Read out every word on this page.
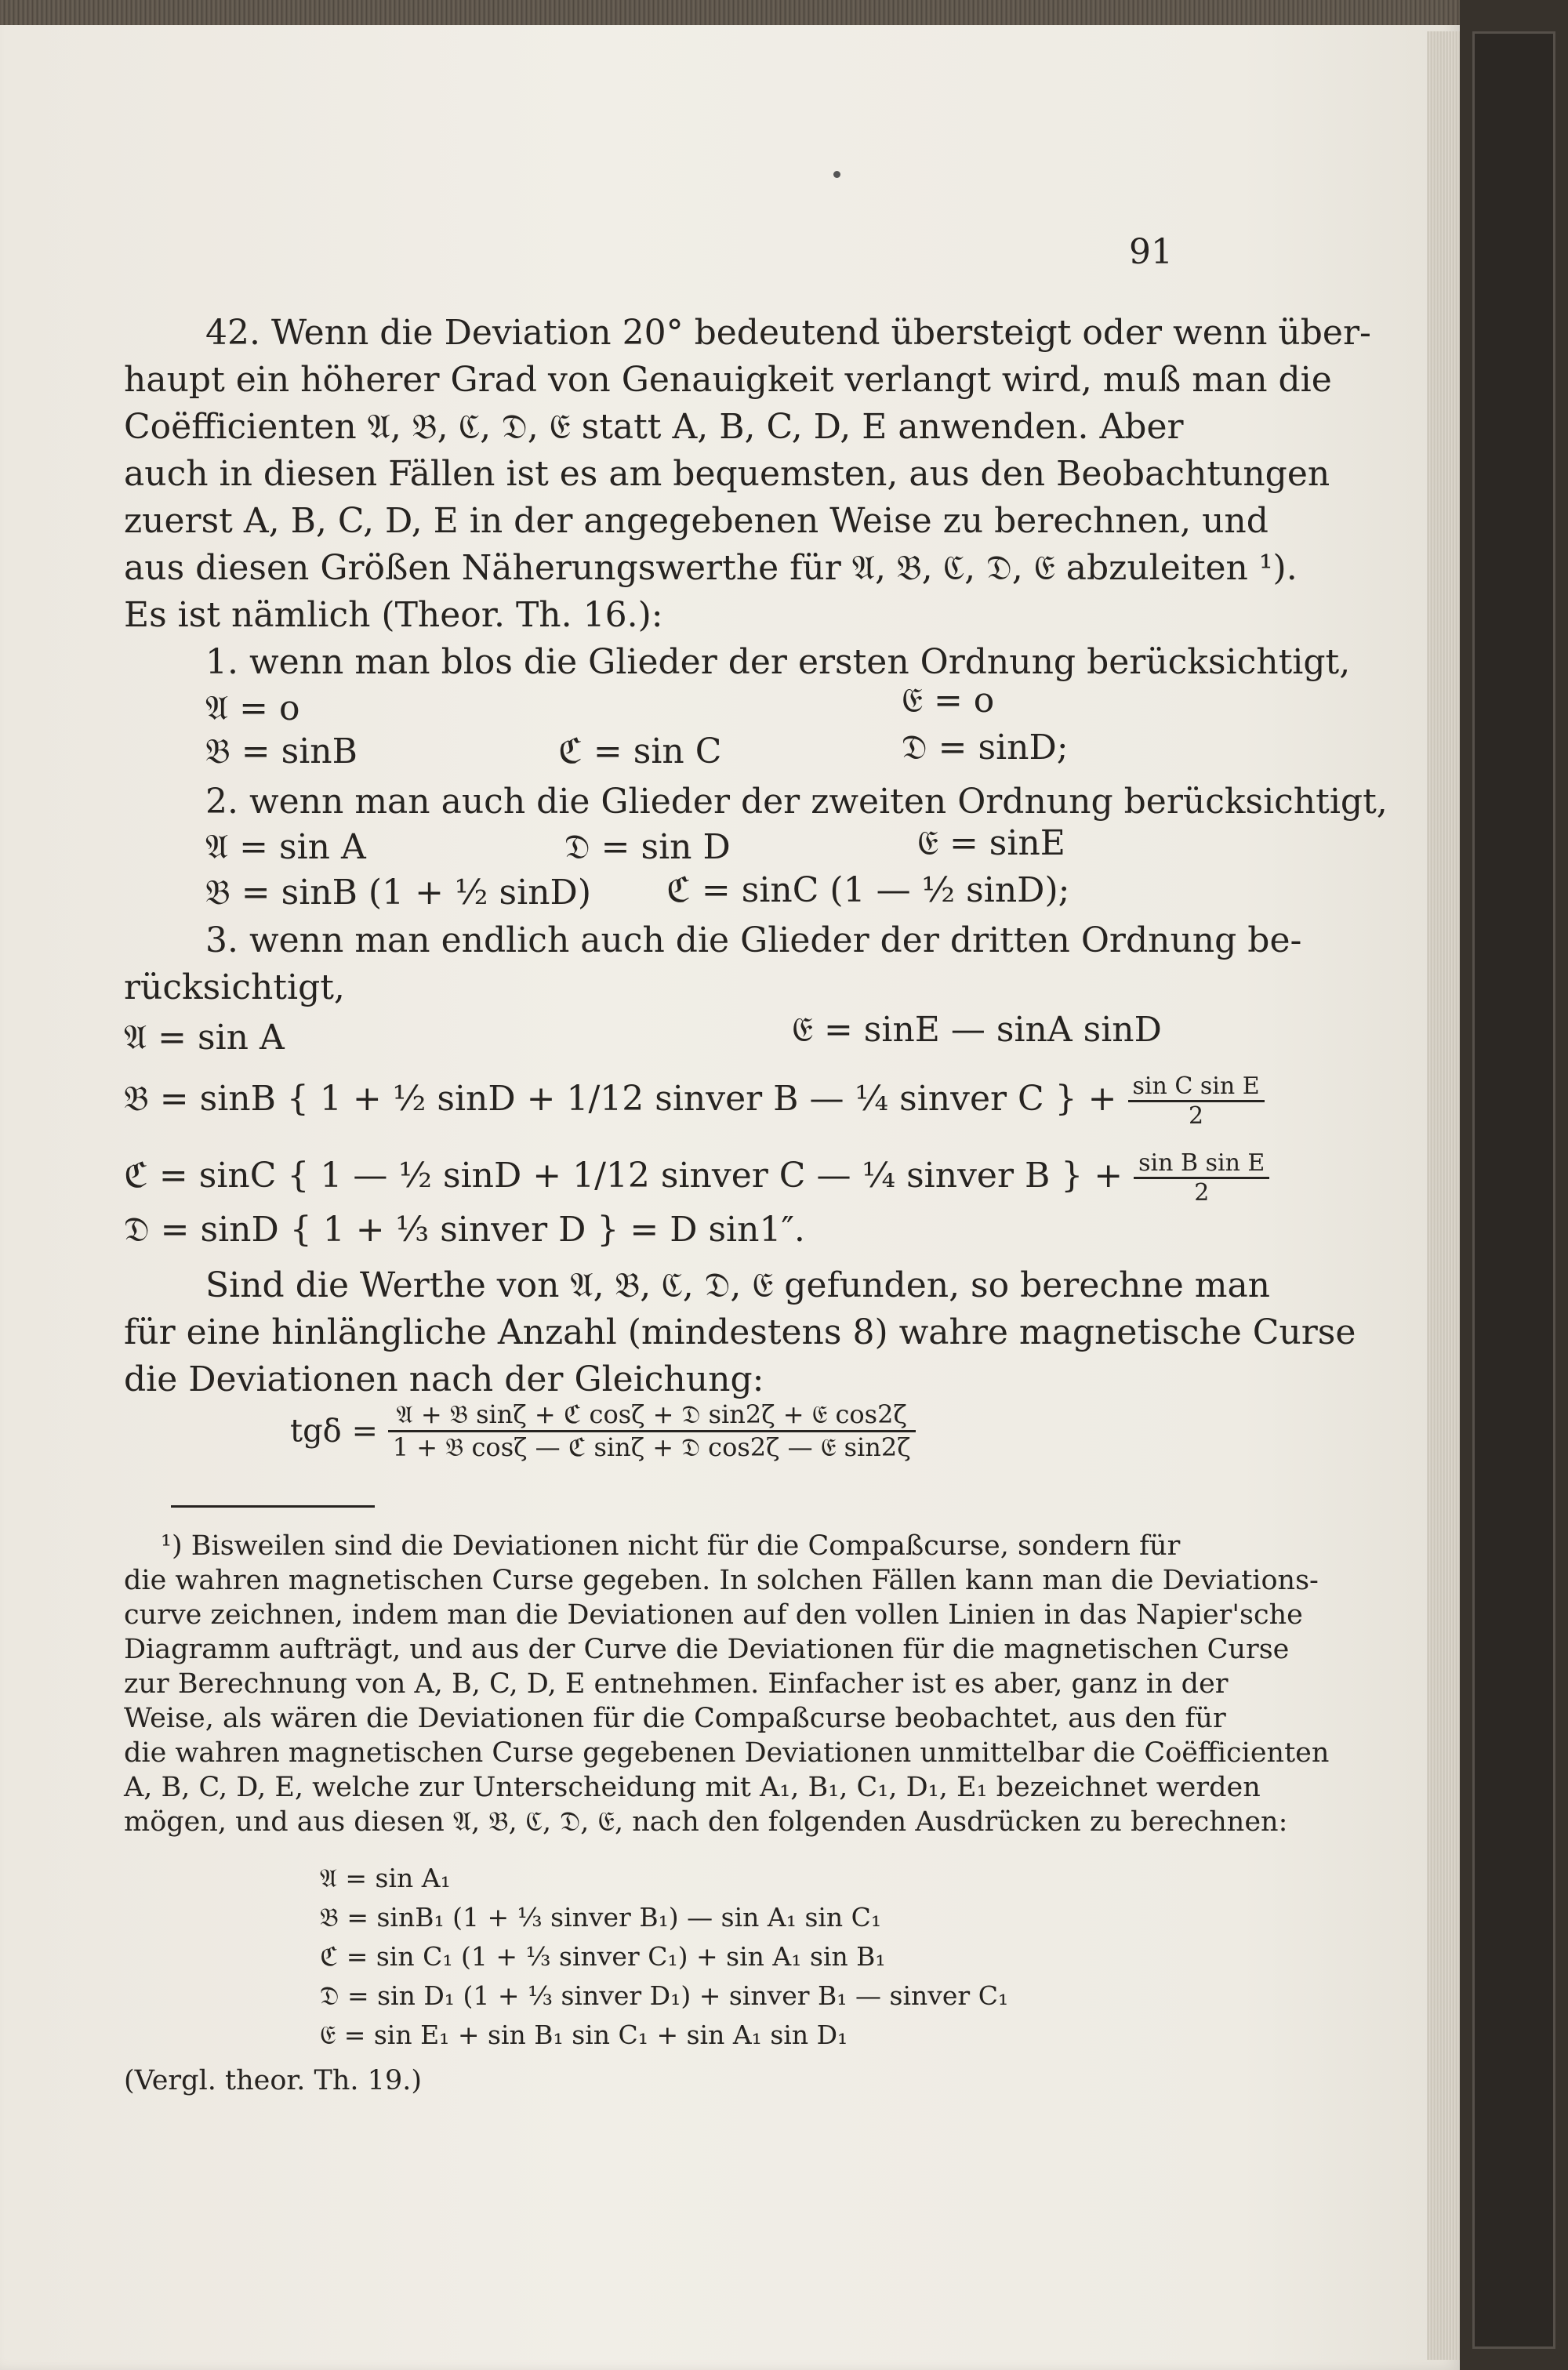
91
42. Wenn die Deviation 20° bedeutend übersteigt oder wenn über-
haupt ein höherer Grad von Genauigkeit verlangt wird, muß man die
Coëfficienten 𝔄, 𝔅, ℭ, 𝔇, 𝔈 statt A, B, C, D, E anwenden. Aber
auch in diesen Fällen ist es am bequemsten, aus den Beobachtungen
zuerst A, B, C, D, E in der angegebenen Weise zu berechnen, und
aus diesen Größen Näherungswerthe für 𝔄, 𝔅, ℭ, 𝔇, 𝔈 abzuleiten ¹).
Es ist nämlich (Theor. Th. 16.):
1. wenn man blos die Glieder der ersten Ordnung berücksichtigt,
𝔄 = o	𝔈 = o
𝔅 = sinB	ℭ = sin C	𝔇 = sinD;
2. wenn man auch die Glieder der zweiten Ordnung berücksichtigt,
𝔄 = sin A	𝔇 = sin D	𝔈 = sinE
𝔅 = sinB (1 + ½ sinD) ℭ = sinC (1 — ½ sinD);
3. wenn man endlich auch die Glieder der dritten Ordnung be-
rücksichtigt,
𝔄 = sin A	𝔈 = sinE — sinA sinD
𝔅 = sinB { 1 + ½ sinD + 1/12 sinver B — ¼ sinver C } + $\frac{\text{sin C sin E}}{2}$
ℭ = sinC { 1 — ½ sinD + 1/12 sinver C — ¼ sinver B } + $\frac{\text{sin B sin E}}{2}$
𝔇 = sinD { 1 + ⅓ sinver D } = D sin1″.
Sind die Werthe von 𝔄, 𝔅, ℭ, 𝔇, 𝔈 gefunden, so berechne man
für eine hinlängliche Anzahl (mindestens 8) wahre magnetische Curse
die Deviationen nach der Gleichung:
$tg\delta = \frac{\text{𝔄 + 𝔅 sinζ + ℭ cosζ + 𝔇 sin2ζ + 𝔈 cos2ζ}}{\text{1 + 𝔅 cosζ — ℭ sinζ + 𝔇 cos2ζ — 𝔈 sin2ζ}}$
¹) Bisweilen sind die Deviationen nicht für die Compaßcurse, sondern für
die wahren magnetischen Curse gegeben. In solchen Fällen kann man die Deviations-
curve zeichnen, indem man die Deviationen auf den vollen Linien in das Napier'sche
Diagramm aufträgt, und aus der Curve die Deviationen für die magnetischen Curse
zur Berechnung von A, B, C, D, E entnehmen. Einfacher ist es aber, ganz in der
Weise, als wären die Deviationen für die Compaßcurse beobachtet, aus den für
die wahren magnetischen Curse gegebenen Deviationen unmittelbar die Coëfficienten
A, B, C, D, E, welche zur Unterscheidung mit A₁, B₁, C₁, D₁, E₁ bezeichnet werden
mögen, und aus diesen 𝔄, 𝔅, ℭ, 𝔇, 𝔈, nach den folgenden Ausdrücken zu berechnen:
𝔄 = sin A₁
𝔅 = sinB₁ (1 + ⅓ sinver B₁) — sin A₁ sin C₁
ℭ = sin C₁ (1 + ⅓ sinver C₁) + sin A₁ sin B₁
𝔇 = sin D₁ (1 + ⅓ sinver D₁) + sinver B₁ — sinver C₁
𝔈 = sin E₁ + sin B₁ sin C₁ + sin A₁ sin D₁
(Vergl. theor. Th. 19.)
